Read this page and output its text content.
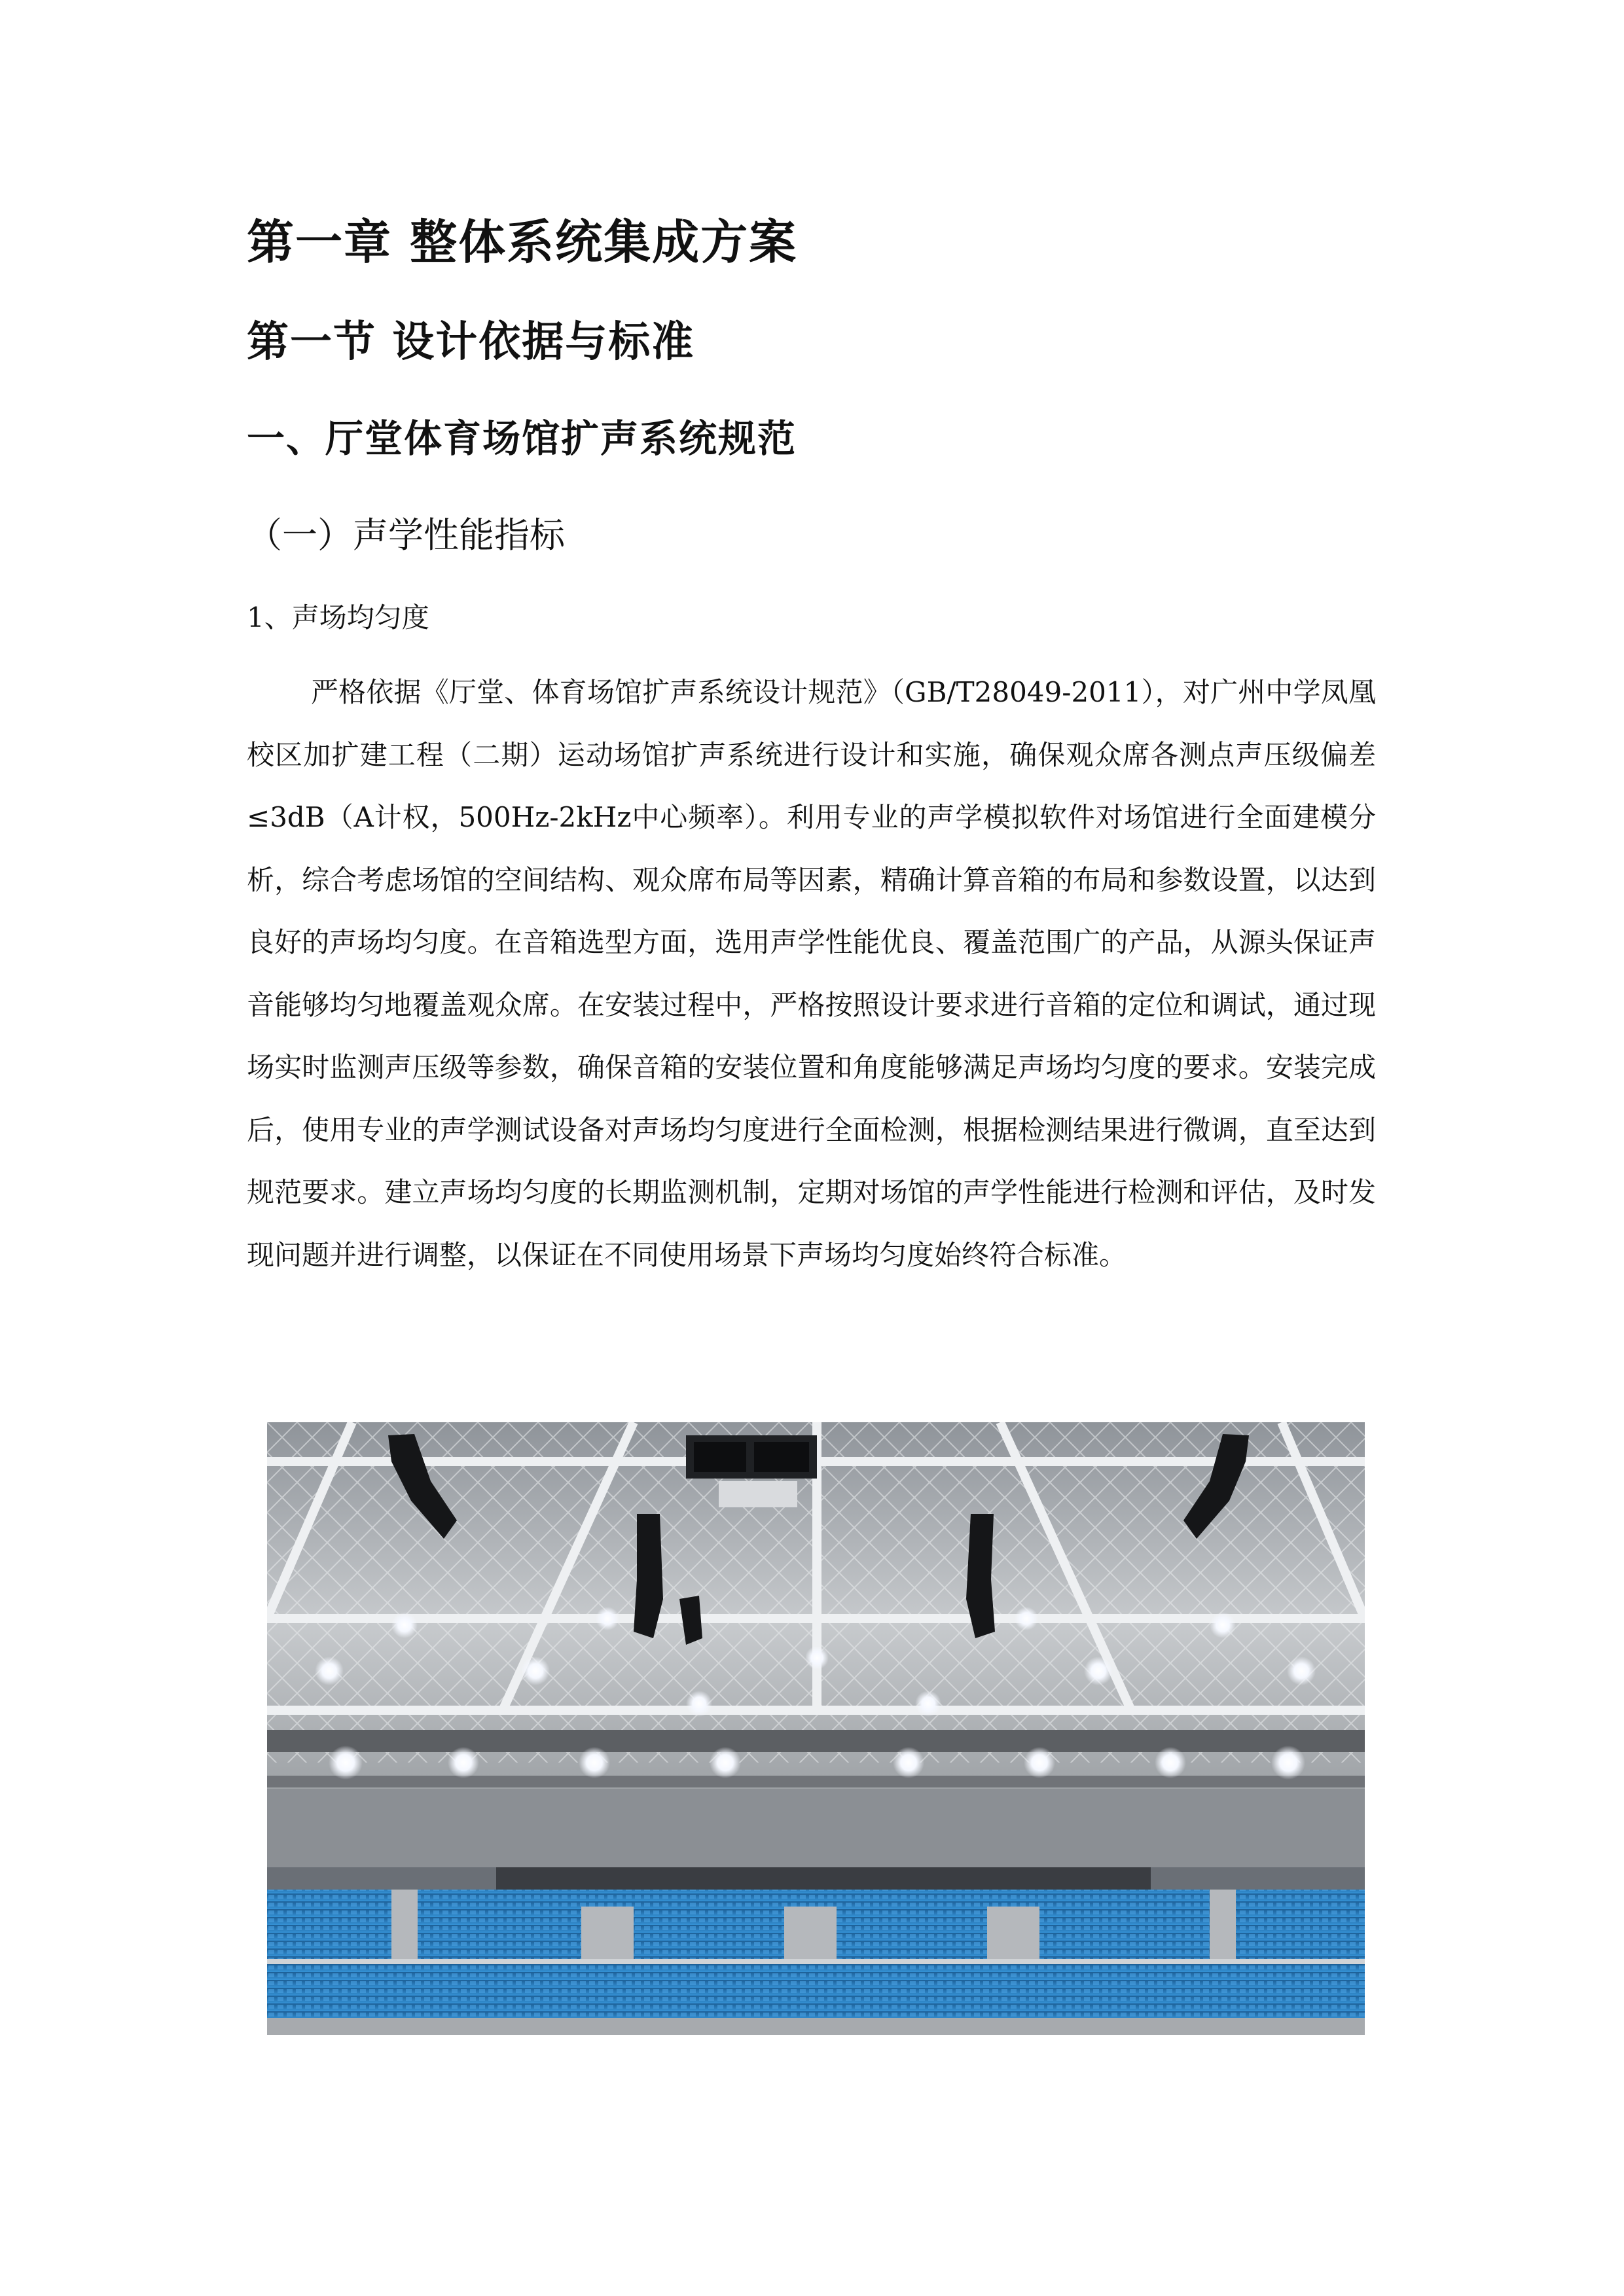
第一章 整体系统集成方案
第一节 设计依据与标准
一、厅堂体育场馆扩声系统规范
（一）声学性能指标
1、声场均匀度

严格依据《厅堂、体育场馆扩声系统设计规范》（GB/T28049-2011），对广州中学凤凰校区加扩建工程（二期）运动场馆扩声系统进行设计和实施，确保观众席各测点声压级偏差≤3dB（A计权，500Hz-2kHz中心频率）。利用专业的声学模拟软件对场馆进行全面建模分析，综合考虑场馆的空间结构、观众席布局等因素，精确计算音箱的布局和参数设置，以达到良好的声场均匀度。在音箱选型方面，选用声学性能优良、覆盖范围广的产品，从源头保证声音能够均匀地覆盖观众席。在安装过程中，严格按照设计要求进行音箱的定位和调试，通过现场实时监测声压级等参数，确保音箱的安装位置和角度能够满足声场均匀度的要求。安装完成后，使用专业的声学测试设备对声场均匀度进行全面检测，根据检测结果进行微调，直至达到规范要求。建立声场均匀度的长期监测机制，定期对场馆的声学性能进行检测和评估，及时发现问题并进行调整，以保证在不同使用场景下声场均匀度始终符合标准。
